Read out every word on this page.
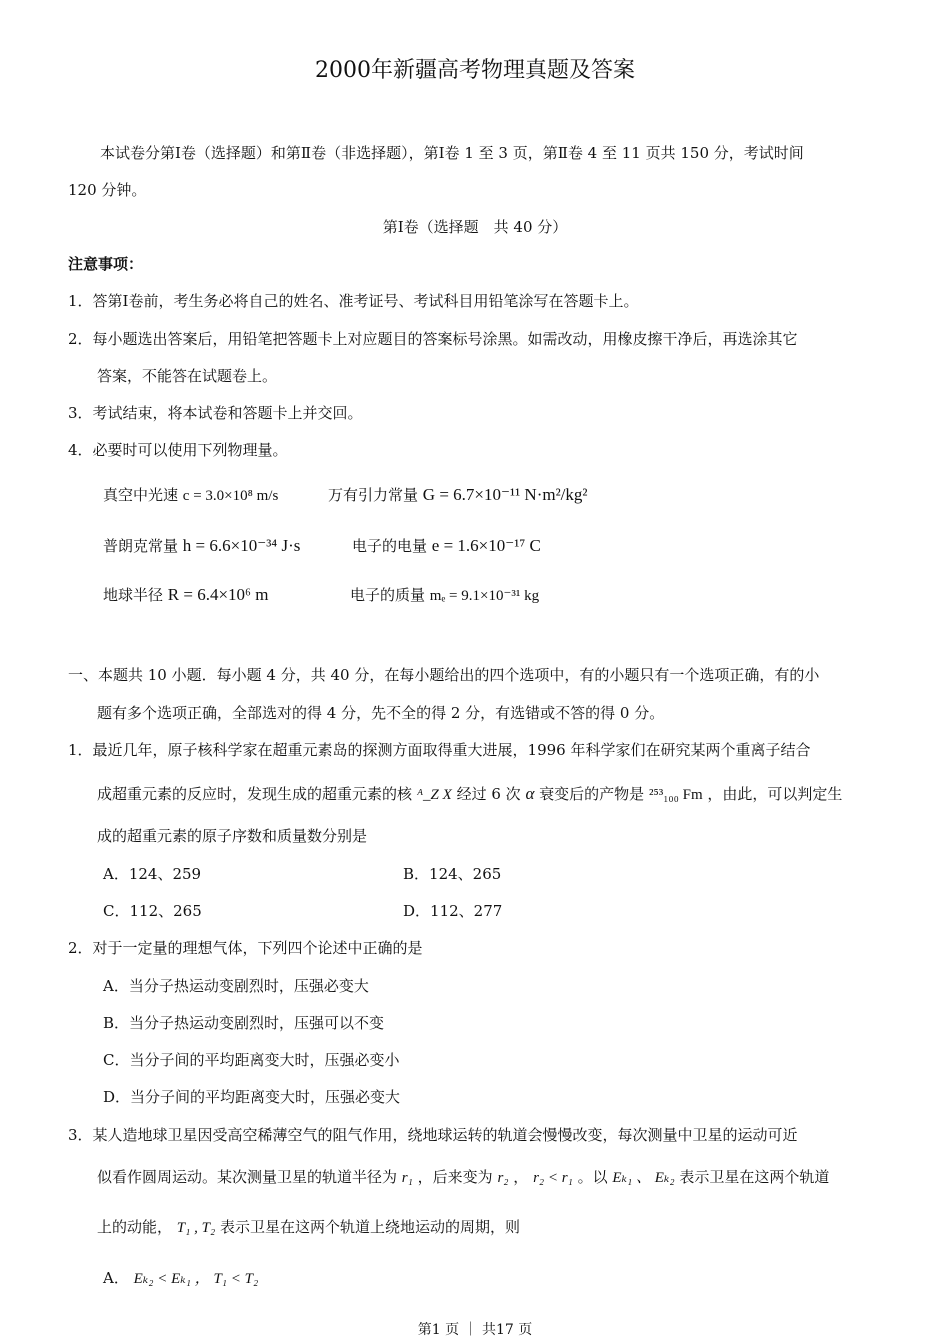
2000年新疆高考物理真题及答案
本试卷分第Ⅰ卷（选择题）和第Ⅱ卷（非选择题），第Ⅰ卷 1 至 3 页，第Ⅱ卷 4 至 11 页共 150 分，考试时间
120 分钟。
第Ⅰ卷（选择题　共 40 分）
注意事项：
1．答第Ⅰ卷前，考生务必将自己的姓名、准考证号、考试科目用铅笔涂写在答题卡上。
2．每小题选出答案后，用铅笔把答题卡上对应题目的答案标号涂黑。如需改动，用橡皮擦干净后，再选涂其它
答案，不能答在试题卷上。
3．考试结束，将本试卷和答题卡上并交回。
4．必要时可以使用下列物理量。
真空中光速 c = 3.0×10⁸ m/s	万有引力常量 G = 6.7×10⁻¹¹ N·m²/kg²
普朗克常量 h = 6.6×10⁻³⁴ J·s	电子的电量 e = 1.6×10⁻¹⁷ C
地球半径 R = 6.4×10⁶ m	电子的质量 mₑ = 9.1×10⁻³¹ kg
一、本题共 10 小题．每小题 4 分，共 40 分，在每小题给出的四个选项中，有的小题只有一个选项正确，有的小
题有多个选项正确，全部选对的得 4 分，先不全的得 2 分，有选错或不答的得 0 分。
1．最近几年，原子核科学家在超重元素岛的探测方面取得重大进展，1996 年科学家们在研究某两个重离子结合
成超重元素的反应时，发现生成的超重元素的核 ᴬ_Z X 经过 6 次 α 衰变后的产物是 ²⁵³₁₀₀ Fm ，由此，可以判定生
成的超重元素的原子序数和质量数分别是
A．124、259	B．124、265
C．112、265	D．112、277
2．对于一定量的理想气体，下列四个论述中正确的是
A．当分子热运动变剧烈时，压强必变大
B．当分子热运动变剧烈时，压强可以不变
C．当分子间的平均距离变大时，压强必变小
D．当分子间的平均距离变大时，压强必变大
3．某人造地球卫星因受高空稀薄空气的阻气作用，绕地球运转的轨道会慢慢改变，每次测量中卫星的运动可近
似看作圆周运动。某次测量卫星的轨道半径为 r₁ ，后来变为 r₂ ， r₂ < r₁ 。以 Eₖ₁ 、 Eₖ₂ 表示卫星在这两个轨道
上的动能， T₁ , T₂ 表示卫星在这两个轨道上绕地运动的周期，则
A． Eₖ₂ < Eₖ₁ ， T₁ < T₂
第1 页 ｜ 共17 页
